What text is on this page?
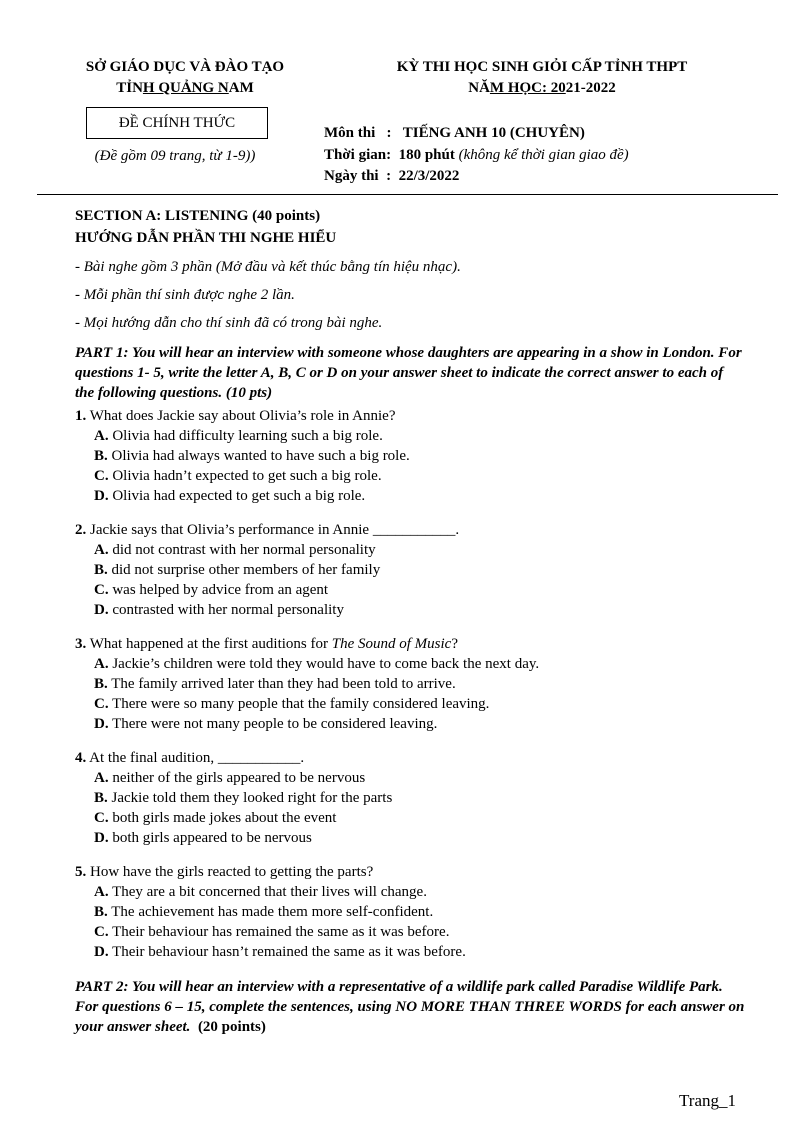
SỞ GIÁO DỤC VÀ ĐÀO TẠO
TỈNH QUẢNG NAM
ĐỀ CHÍNH THỨC
(Đề gồm 09 trang, từ 1-9))
KỲ THI HỌC SINH GIỎI CẤP TỈNH THPT
NĂM HỌC: 2021-2022
Môn thi   : TIẾNG ANH 10 (CHUYÊN)
Thời gian: 180 phút (không kể thời gian giao đề)
Ngày thi  : 22/3/2022

SECTION A: LISTENING (40 points)

HƯỚNG DẪN PHẦN THI NGHE HIỂU

- Bài nghe gồm 3 phần (Mở đầu và kết thúc bằng tín hiệu nhạc).

- Mỗi phần thí sinh được nghe 2 lần.

- Mọi hướng dẫn cho thí sinh đã có trong bài nghe.

PART 1: You will hear an interview with someone whose daughters are appearing in a show in London. For questions 1- 5, write the letter A, B, C or D on your answer sheet to indicate the correct answer to each of the following questions. (10 pts)

1. What does Jackie say about Olivia’s role in Annie?

A. Olivia had difficulty learning such a big role.

B. Olivia had always wanted to have such a big role.

C. Olivia hadn’t expected to get such a big role.

D. Olivia had expected to get such a big role.

2. Jackie says that Olivia’s performance in Annie ___________.

A. did not contrast with her normal personality

B. did not surprise other members of her family

C. was helped by advice from an agent

D. contrasted with her normal personality

3. What happened at the first auditions for The Sound of Music?

A. Jackie’s children were told they would have to come back the next day.

B. The family arrived later than they had been told to arrive.

C. There were so many people that the family considered leaving.

D. There were not many people to be considered leaving.

4. At the final audition, ___________.

A. neither of the girls appeared to be nervous

B. Jackie told them they looked right for the parts

C. both girls made jokes about the event

D. both girls appeared to be nervous

5. How have the girls reacted to getting the parts?

A. They are a bit concerned that their lives will change.

B. The achievement has made them more self-confident.

C. Their behaviour has remained the same as it was before.

D. Their behaviour hasn’t remained the same as it was before.

PART 2: You will hear an interview with a representative of a wildlife park called Paradise Wildlife Park. For questions 6 – 15, complete the sentences, using NO MORE THAN THREE WORDS for each answer on your answer sheet.  (20 points)

Trang_1
